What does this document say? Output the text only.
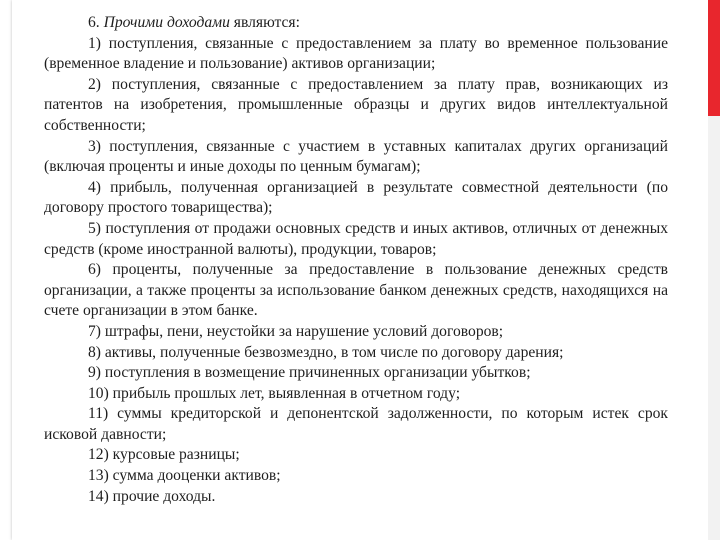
6. Прочими доходами являются:

1) поступления, связанные с предоставлением за плату во временное пользование (временное владение и пользование) активов организации;

2) поступления, связанные с предоставлением за плату прав, возникающих из патентов на изобретения, промышленные образцы и других видов интеллектуальной собственности;

3) поступления, связанные с участием в уставных капиталах других организаций (включая проценты и иные доходы по ценным бумагам);

4) прибыль, полученная организацией в результате совместной деятельности (по договору простого товарищества);

5) поступления от продажи основных средств и иных активов, отличных от денежных средств (кроме иностранной валюты), продукции, товаров;

6) проценты, полученные за предоставление в пользование денежных средств организации, а также проценты за использование банком денежных средств, находящихся на счете организации в этом банке.

7) штрафы, пени, неустойки за нарушение условий договоров;

8) активы, полученные безвозмездно, в том числе по договору дарения;

9) поступления в возмещение причиненных организации убытков;

10) прибыль прошлых лет, выявленная в отчетном году;

11) суммы кредиторской и депонентской задолженности, по которым истек срок исковой давности;

12) курсовые разницы;

13) сумма дооценки активов;

14) прочие доходы.
